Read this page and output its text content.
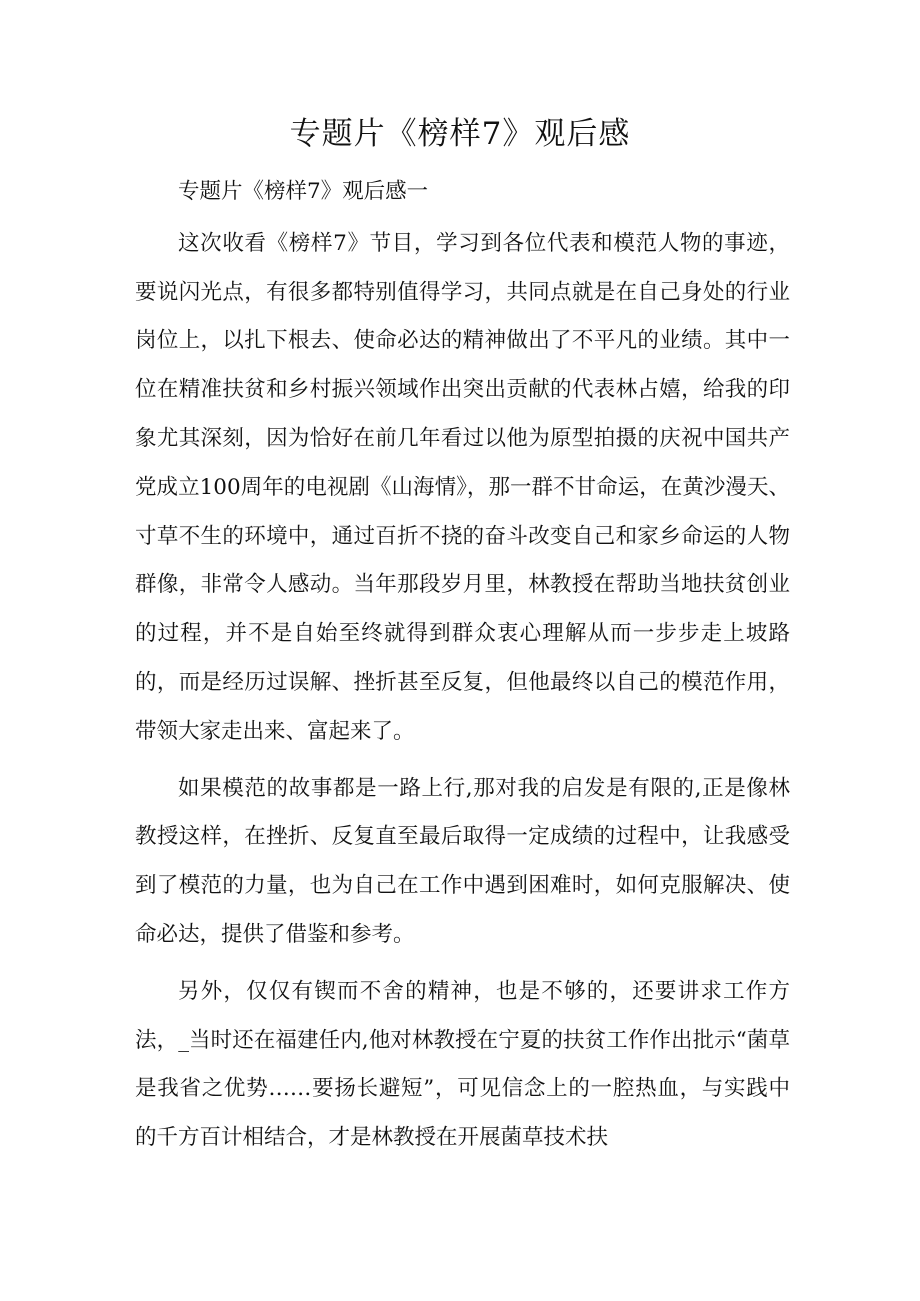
专题片《榜样7》观后感

专题片《榜样7》观后感一

这次收看《榜样7》节目，学习到各位代表和模范人物的事迹，要说闪光点，有很多都特别值得学习，共同点就是在自己身处的行业岗位上，以扎下根去、使命必达的精神做出了不平凡的业绩。其中一位在精准扶贫和乡村振兴领域作出突出贡献的代表林占嬉，给我的印象尤其深刻，因为恰好在前几年看过以他为原型拍摄的庆祝中国共产党成立100周年的电视剧《山海情》，那一群不甘命运，在黄沙漫天、寸草不生的环境中，通过百折不挠的奋斗改变自己和家乡命运的人物群像，非常令人感动。当年那段岁月里，林教授在帮助当地扶贫创业的过程，并不是自始至终就得到群众衷心理解从而一步步走上坡路的，而是经历过误解、挫折甚至反复，但他最终以自己的模范作用，带领大家走出来、富起来了。

如果模范的故事都是一路上行,那对我的启发是有限的,正是像林教授这样，在挫折、反复直至最后取得一定成绩的过程中，让我感受到了模范的力量，也为自己在工作中遇到困难时，如何克服解决、使命必达，提供了借鉴和参考。

另外，仅仅有锲而不舍的精神，也是不够的，还要讲求工作方法，_当时还在福建任内,他对林教授在宁夏的扶贫工作作出批示“菌草是我省之优势……要扬长避短”，可见信念上的一腔热血，与实践中的千方百计相结合，才是林教授在开展菌草技术扶
